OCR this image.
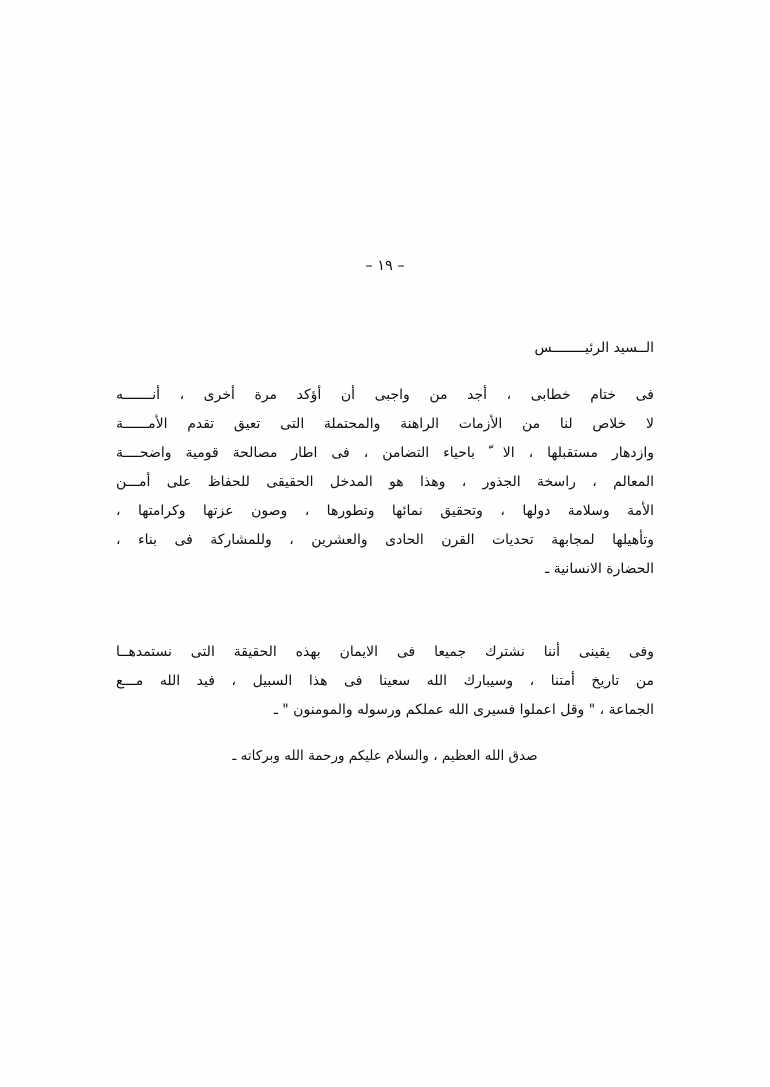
– ١٩ –
الــسيد الرئيــــــــس
فى ختام خطابى ، أجد من واجبى أن أؤكد مرة أخرى ، أنـــــــه
لا خلاص لنا من الأزمات الراهنة والمحتملة التى تعيق تقدم الأمــــــة
وازدهار مستقبلها ، الا ّ باحياء التضامن ، فى اطار مصالحة قومية واضحــــة
المعالم ، راسخة الجذور ، وهذا هو المدخل الحقيقى للحفاظ على أمـــن
الأمة وسلامة دولها ، وتحقيق نمائها وتطورها ، وصون عزتها وكرامتها ،
وتأهيلها لمجابهة تحديات القرن الحادى والعشرين ، وللمشاركة فى بناء ،
الحضارة الانسانية ـ
وفى يقينى أننا نشترك جميعا فى الايمان بهذه الحقيقة التى نستمدهــا
من تاريخ أمتنا ، وسيبارك الله سعينا فى هذا السبيل ، فيد الله مـــع
الجماعة ، " وقل اعملوا فسيرى الله عملكم ورسوله والمومنون " ـ
صدق الله العظيم ، والسلام عليكم ورحمة الله وبركاته ـ
